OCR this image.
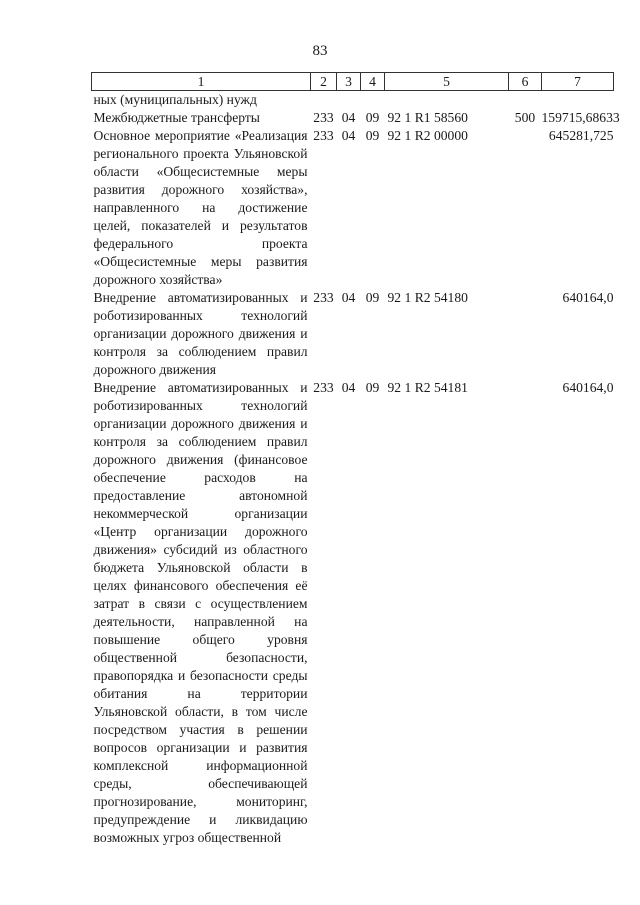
83
1	2	3	4	5	6	7
ных (муниципальных) нужд						
Межбюджетные трансферты	233	04	09	92 1 R1 58560	500	159715,68633
Основное мероприятие «Реализация регионального проекта Ульяновской области «Общесистемные меры развития дорожного хозяйства», направленного на достижение целей, показателей и результатов федерального проекта «Общесистемные меры развития дорожного хозяйства»	233	04	09	92 1 R2 00000		645281,725
Внедрение автоматизированных и роботизированных технологий организации дорожного движения и контроля за соблюдением правил дорожного движения	233	04	09	92 1 R2 54180		640164,0
Внедрение автоматизированных и роботизированных технологий организации дорожного движения и контроля за соблюдением правил дорожного движения (финансовое обеспечение расходов на предоставление автономной некоммерческой организации «Центр организации дорожного движения» субсидий из областного бюджета Ульяновской области в целях финансового обеспечения её затрат в связи с осуществлением деятельности, направленной на повышение общего уровня общественной безопасности, правопорядка и безопасности среды обитания на территории Ульяновской области, в том числе посредством участия в решении вопросов организации и развития комплексной информационной среды, обеспечивающей прогнозирование, мониторинг, предупреждение и ликвидацию возможных угроз общественной	233	04	09	92 1 R2 54181		640164,0
